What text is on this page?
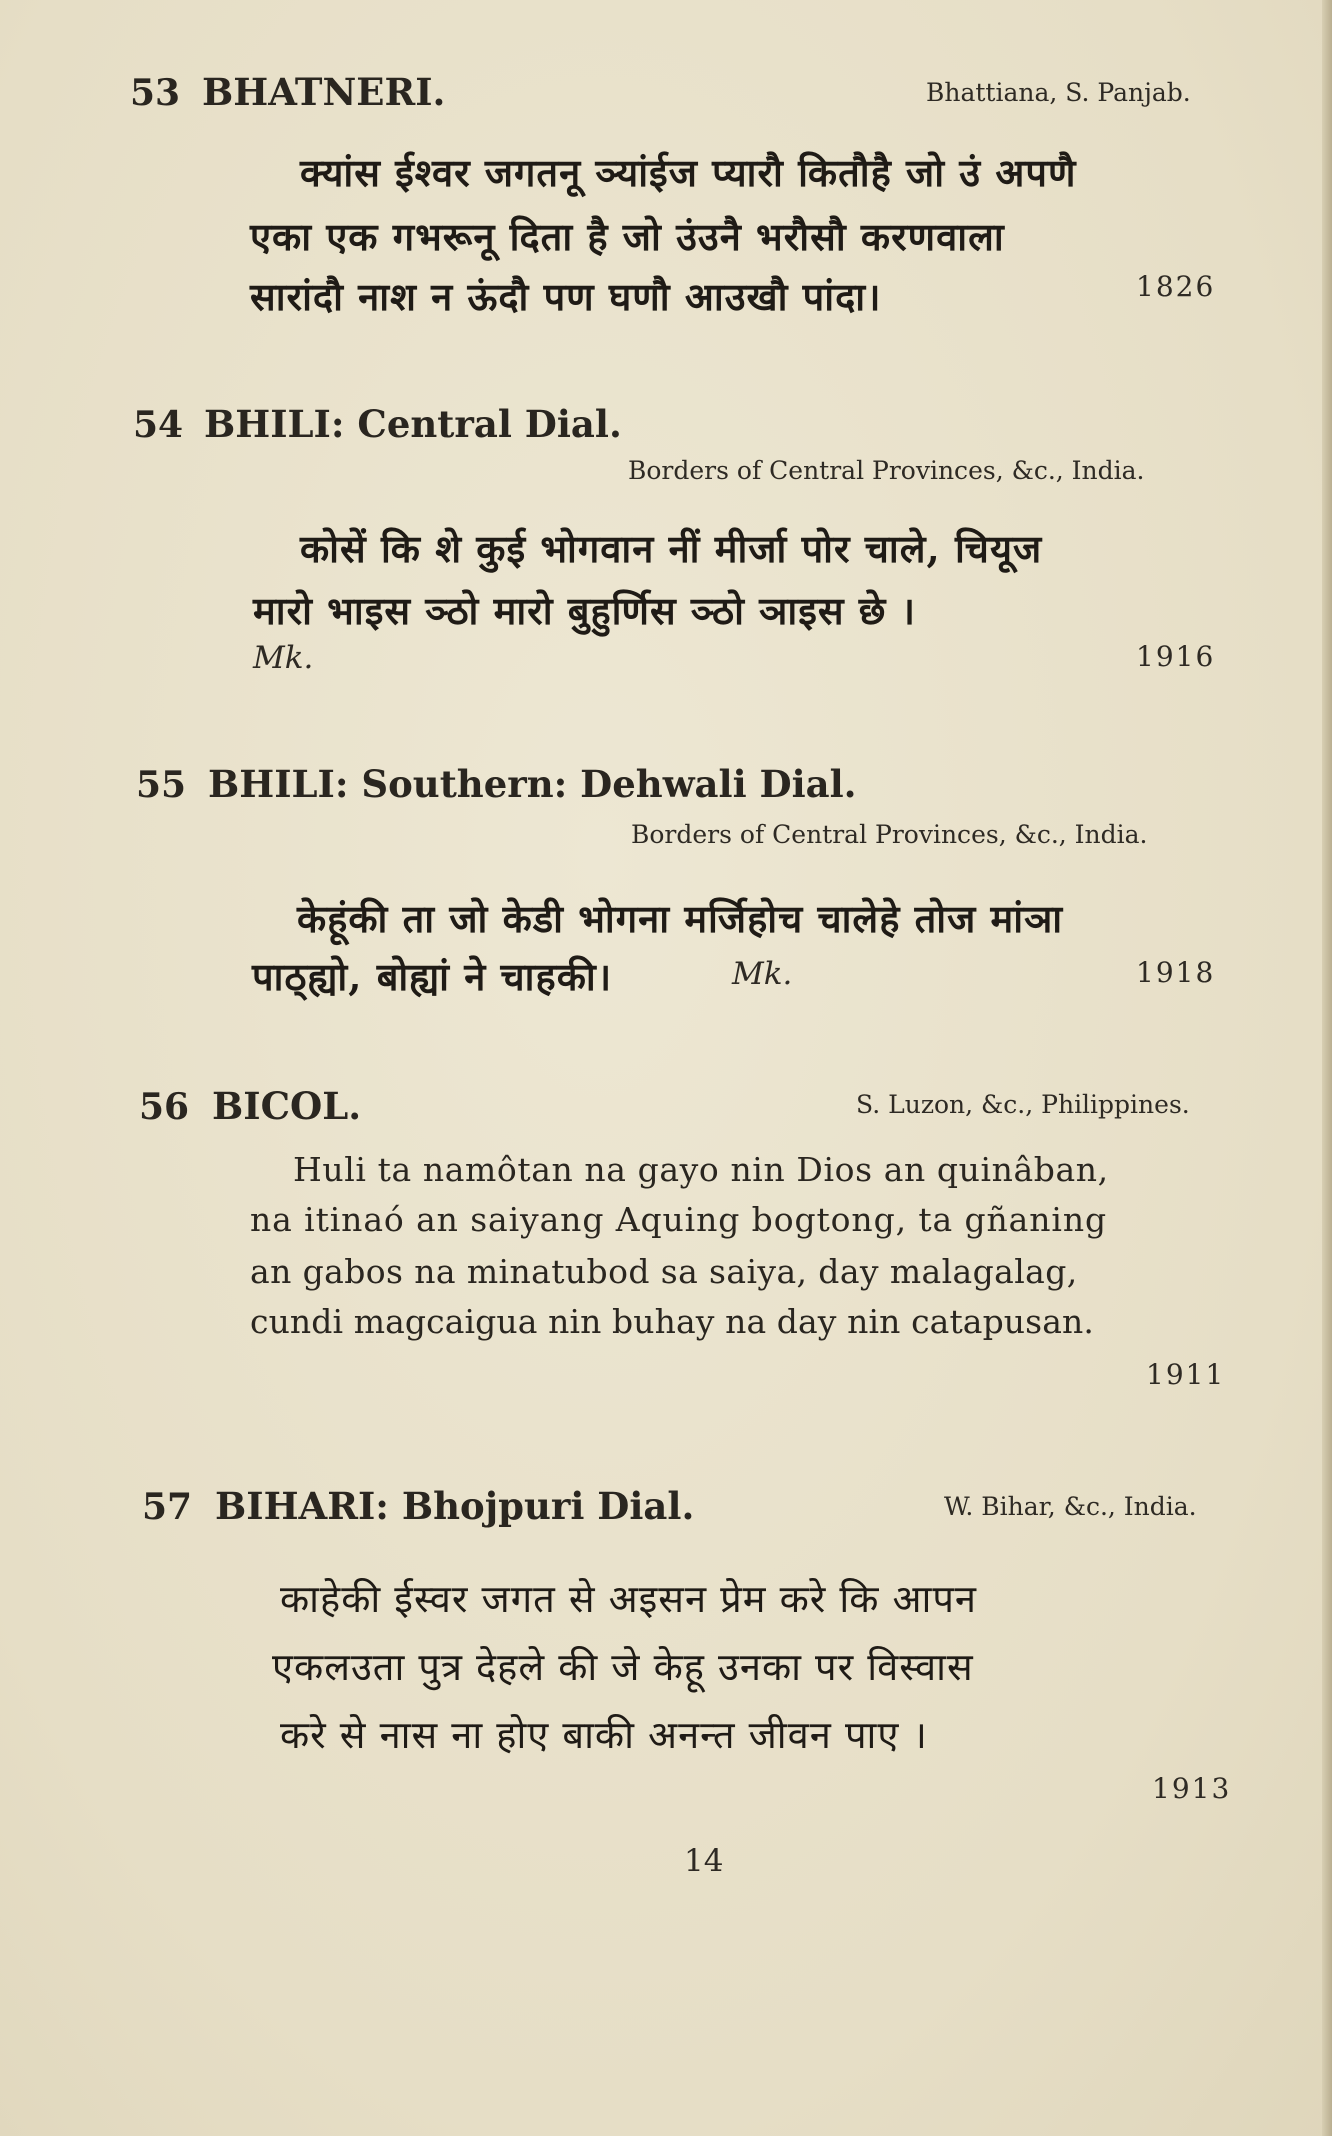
53 BHATNERI.	Bhattiana, S. Panjab.
क्यांस ईश्वर जगतनू ञ्यांईज प्यारौ कितौहै जो उं अपणै
एका एक गभरूनू दिता है जो उंउनै भरौसौ करणवाला
सारांदौ नाश न ऊंदौ पण घणौ आउखौ पांदा।	1826
54 BHILI: Central Dial.
Borders of Central Provinces, &c., India.
कोसें कि शे कुई भोगवान नीं मीर्जा पोर चाले, चियूज
मारो भाइस ञ्ठो मारो बुहुर्णिस ञ्ठो ञाइस छे ।
Mk.	1916
55 BHILI: Southern: Dehwali Dial.
Borders of Central Provinces, &c., India.
केहूंकी ता जो केडी भोगना मर्जिहोच चालेहे तोज मांञा
पाठ्ह्यो, बोह्यां ने चाहकी।	Mk.	1918
56 BICOL.	S. Luzon, &c., Philippines.
Huli ta namôtan na gayo nin Dios an quinâban,
na itinaó an saiyang Aquing bogtong, ta gñaning
an gabos na minatubod sa saiya, day malagalag,
cundi magcaigua nin buhay na day nin catapusan.
1911
57 BIHARI: Bhojpuri Dial.	W. Bihar, &c., India.
काहेकी ईस्वर जगत से अइसन प्रेम करे कि आपन
एकलउता पुत्र देहले की जे केहू उनका पर विस्वास
करे से नास ना होए बाकी अनन्त जीवन पाए ।
1913
14
